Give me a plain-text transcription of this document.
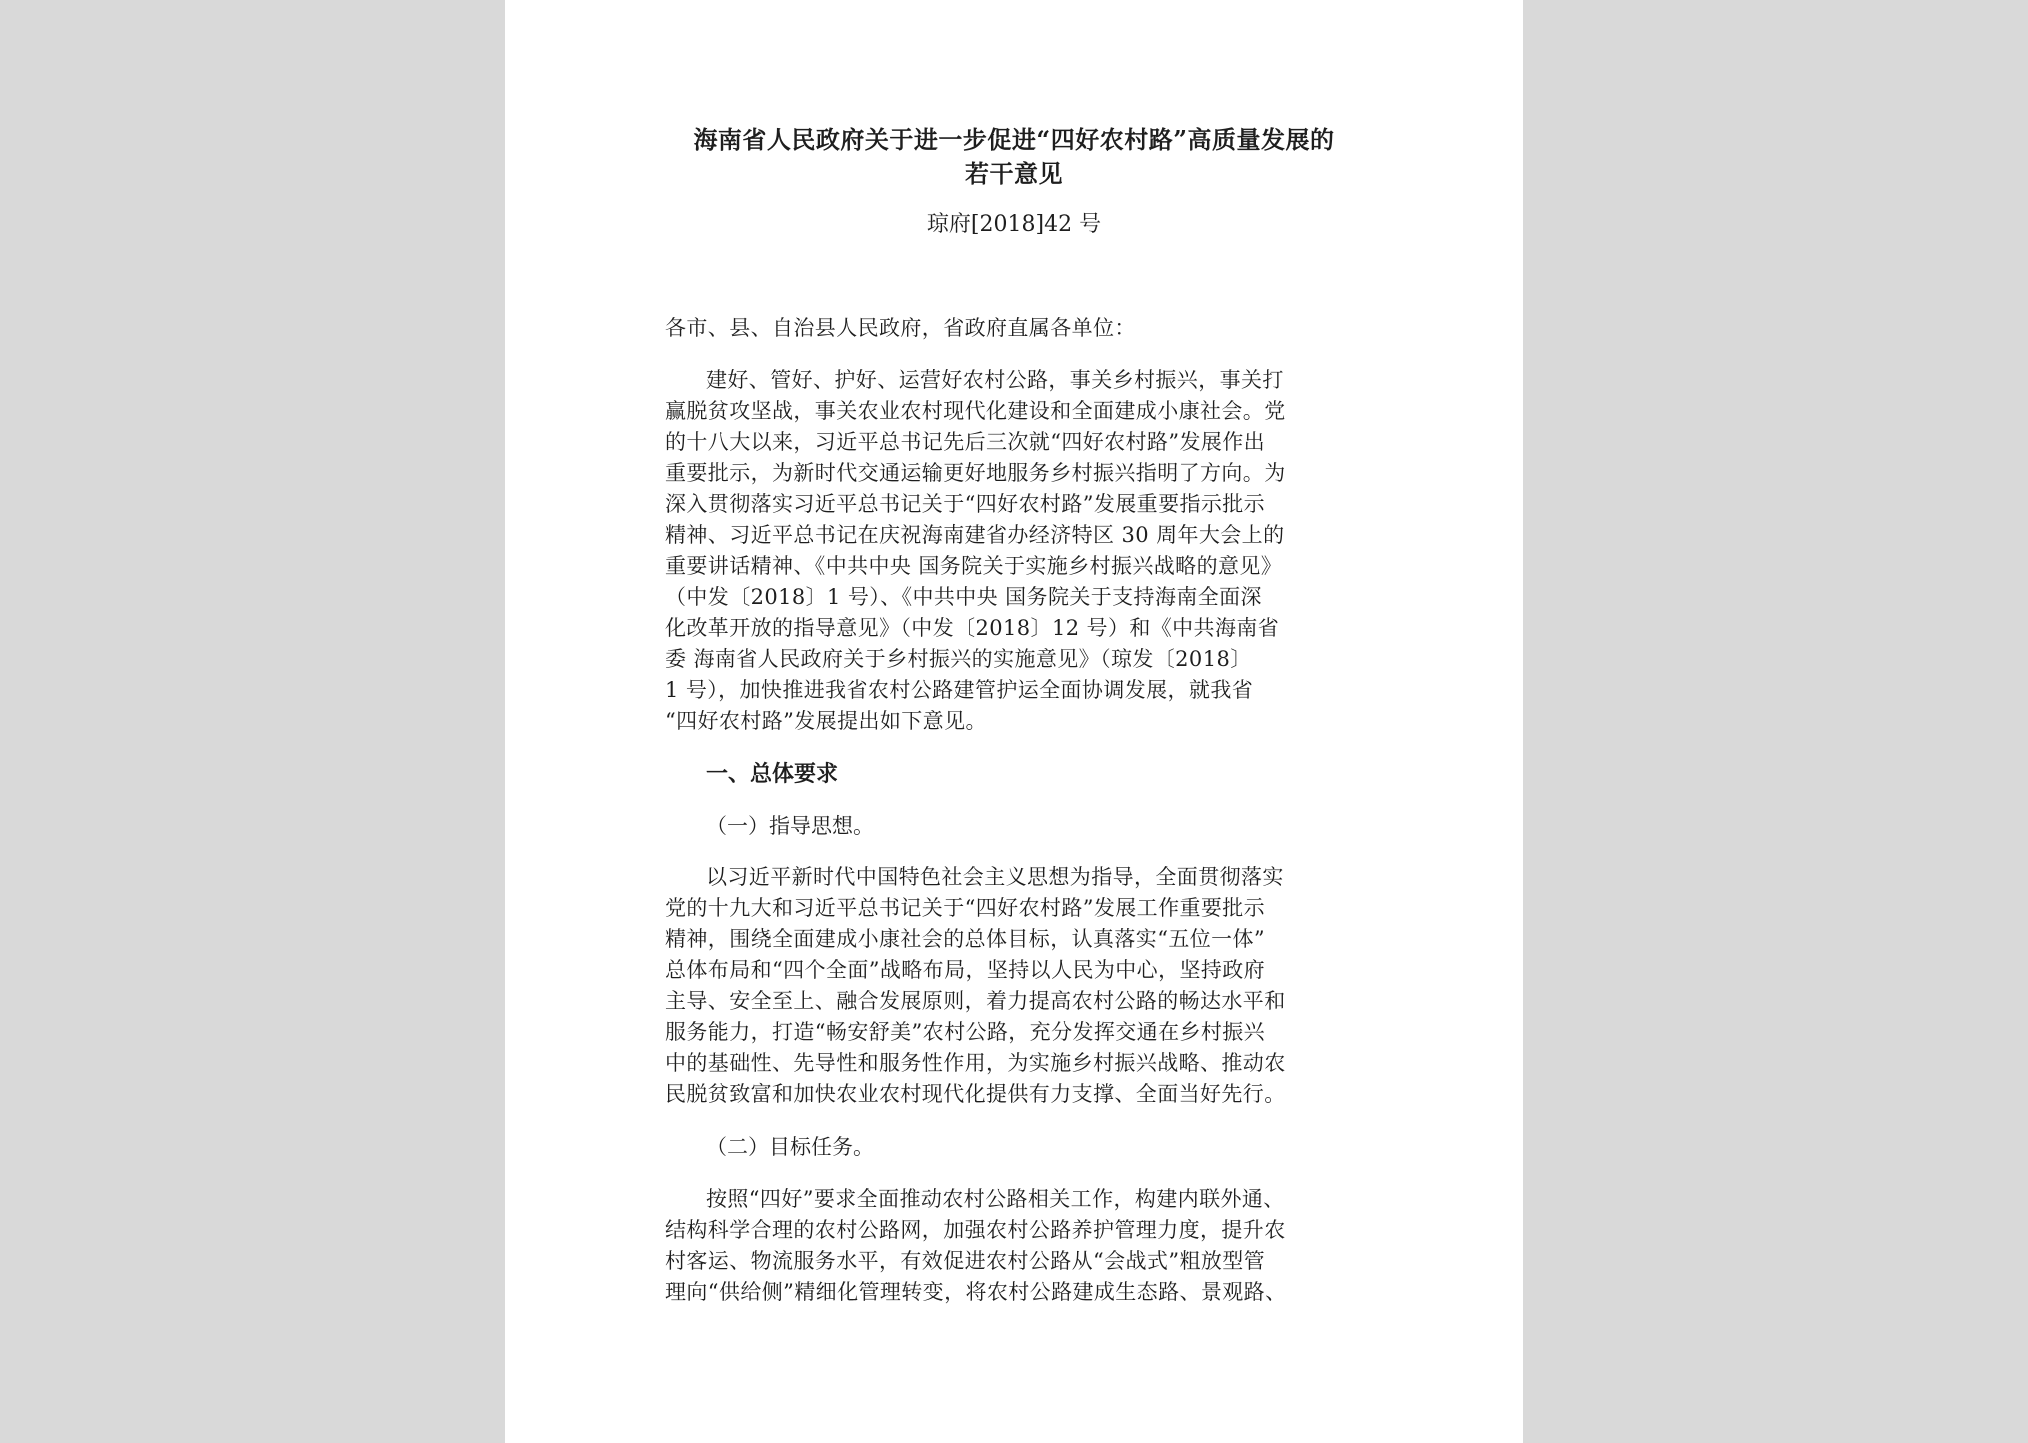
海南省人民政府关于进一步促进“四好农村路”高质量发展的
若干意见
琼府[2018]42 号
各市、县、自治县人民政府，省政府直属各单位：
建好、管好、护好、运营好农村公路，事关乡村振兴，事关打
赢脱贫攻坚战，事关农业农村现代化建设和全面建成小康社会。党
的十八大以来，习近平总书记先后三次就“四好农村路”发展作出
重要批示，为新时代交通运输更好地服务乡村振兴指明了方向。为
深入贯彻落实习近平总书记关于“四好农村路”发展重要指示批示
精神、习近平总书记在庆祝海南建省办经济特区 30 周年大会上的
重要讲话精神、《中共中央 国务院关于实施乡村振兴战略的意见》
（中发〔2018〕1 号）、《中共中央 国务院关于支持海南全面深
化改革开放的指导意见》（中发〔2018〕12 号）和《中共海南省
委 海南省人民政府关于乡村振兴的实施意见》（琼发〔2018〕
1 号），加快推进我省农村公路建管护运全面协调发展，就我省
“四好农村路”发展提出如下意见。
一、总体要求
（一）指导思想。
以习近平新时代中国特色社会主义思想为指导，全面贯彻落实
党的十九大和习近平总书记关于“四好农村路”发展工作重要批示
精神，围绕全面建成小康社会的总体目标，认真落实“五位一体”
总体布局和“四个全面”战略布局，坚持以人民为中心，坚持政府
主导、安全至上、融合发展原则，着力提高农村公路的畅达水平和
服务能力，打造“畅安舒美”农村公路，充分发挥交通在乡村振兴
中的基础性、先导性和服务性作用，为实施乡村振兴战略、推动农
民脱贫致富和加快农业农村现代化提供有力支撑、全面当好先行。
（二）目标任务。
按照“四好”要求全面推动农村公路相关工作，构建内联外通、
结构科学合理的农村公路网，加强农村公路养护管理力度，提升农
村客运、物流服务水平，有效促进农村公路从“会战式”粗放型管
理向“供给侧”精细化管理转变，将农村公路建成生态路、景观路、
